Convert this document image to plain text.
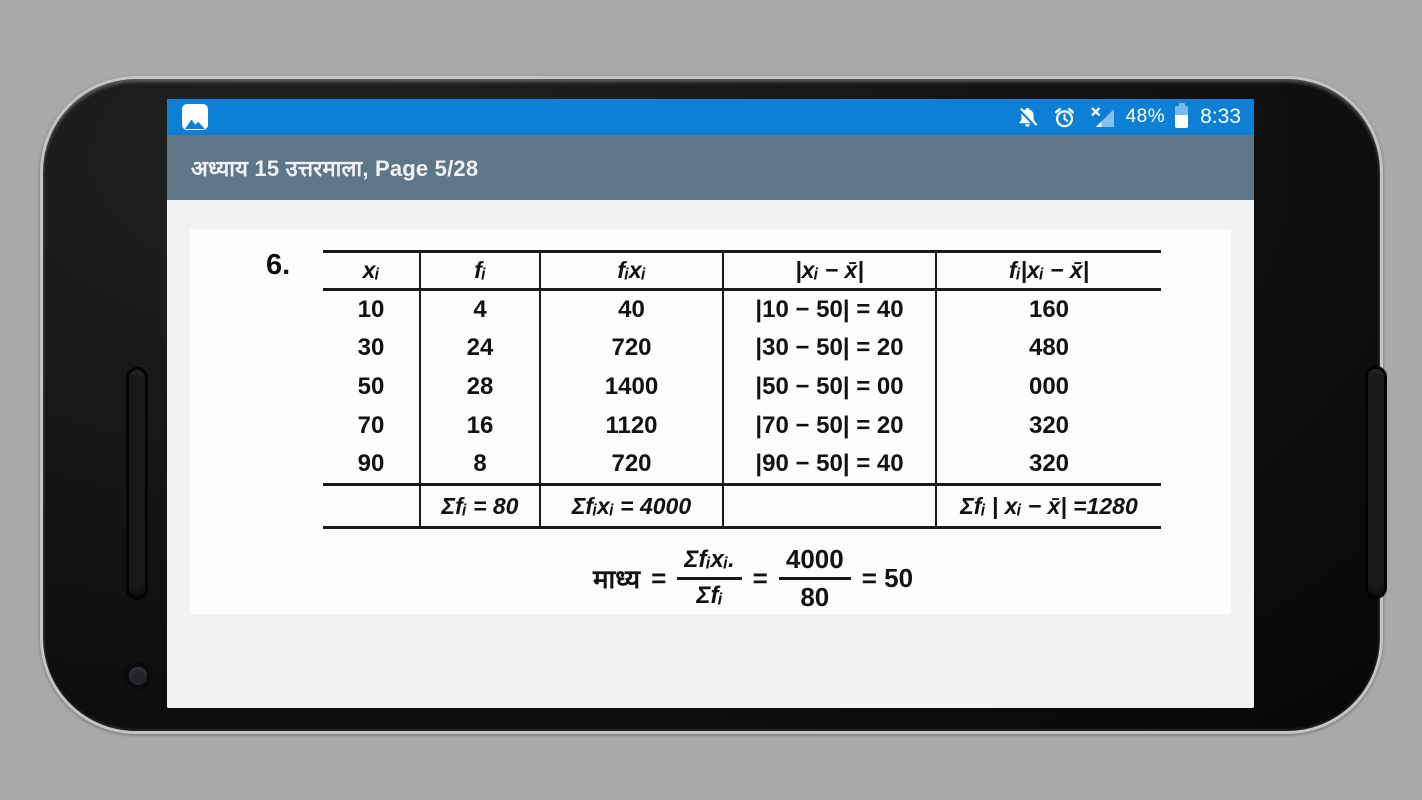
48% 8:33
अध्याय 15 उत्तरमाला, Page 5/28
6.	xᵢ	fᵢ	fᵢxᵢ	|xᵢ − x̄|	fᵢ|xᵢ − x̄|
10	4	40	|10 − 50| = 40	160
30	24	720	|30 − 50| = 20	480
50	28	1400	|50 − 50| = 00	000
70	16	1120	|70 − 50| = 20	320
90	8	720	|90 − 50| = 40	320
	Σfᵢ = 80	Σfᵢxᵢ = 4000		Σfᵢ | xᵢ − x̄| =1280
माध्य = $\frac{\text{Σfᵢxᵢ.}}{\text{Σfᵢ}} = \frac{4000}{80} = 50$
